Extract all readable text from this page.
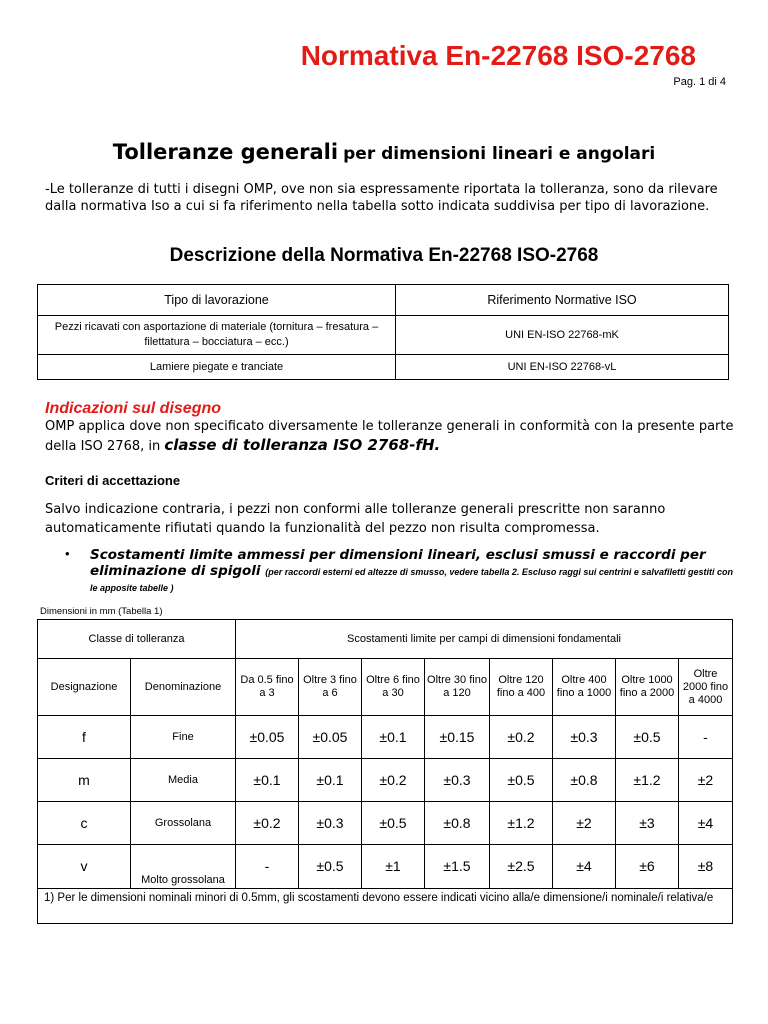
Normativa En-22768 ISO-2768
Pag. 1 di 4
Tolleranze generali per dimensioni lineari e angolari
-Le tolleranze di tutti i disegni OMP, ove non sia espressamente riportata la tolleranza, sono da rilevare dalla normativa Iso a cui si fa riferimento nella tabella sotto indicata suddivisa per tipo di lavorazione.
Descrizione della Normativa En-22768 ISO-2768
Tipo di lavorazione	Riferimento Normative ISO
Pezzi ricavati con asportazione di materiale (tornitura – fresatura – filettatura – bocciatura – ecc.)	UNI EN-ISO 22768-mK
Lamiere piegate e tranciate	UNI EN-ISO 22768-vL
Indicazioni sul disegno
OMP applica dove non specificato diversamente le tolleranze generali in conformità con la presente parte della ISO 2768, in classe di tolleranza ISO 2768-fH.
Criteri di accettazione
Salvo indicazione contraria, i pezzi non conformi alle tolleranze generali prescritte non saranno automaticamente rifiutati quando la funzionalità del pezzo non risulta compromessa.
• Scostamenti limite ammessi per dimensioni lineari, esclusi smussi e raccordi per eliminazione di spigoli (per raccordi esterni ed altezze di smusso, vedere tabella 2. Escluso raggi sui centrini e salvafiletti gestiti con le apposite tabelle )
Dimensioni in mm (Tabella 1)
Classe di tolleranza		Scostamenti limite per campi di dimensioni fondamentali							
Designazione	Denominazione	Da 0.5 fino a 3	Oltre 3 fino a 6	Oltre 6 fino a 30	Oltre 30 fino a 120	Oltre 120 fino a 400	Oltre 400 fino a 1000	Oltre 1000 fino a 2000	Oltre 2000 fino a 4000
f	Fine	±0.05	±0.05	±0.1	±0.15	±0.2	±0.3	±0.5	-
m	Media	±0.1	±0.1	±0.2	±0.3	±0.5	±0.8	±1.2	±2
c	Grossolana	±0.2	±0.3	±0.5	±0.8	±1.2	±2	±3	±4
v	Molto grossolana	-	±0.5	±1	±1.5	±2.5	±4	±6	±8
1) Per le dimensioni nominali minori di 0.5mm, gli scostamenti devono essere indicati vicino alla/e dimensione/i nominale/i relativa/e									
